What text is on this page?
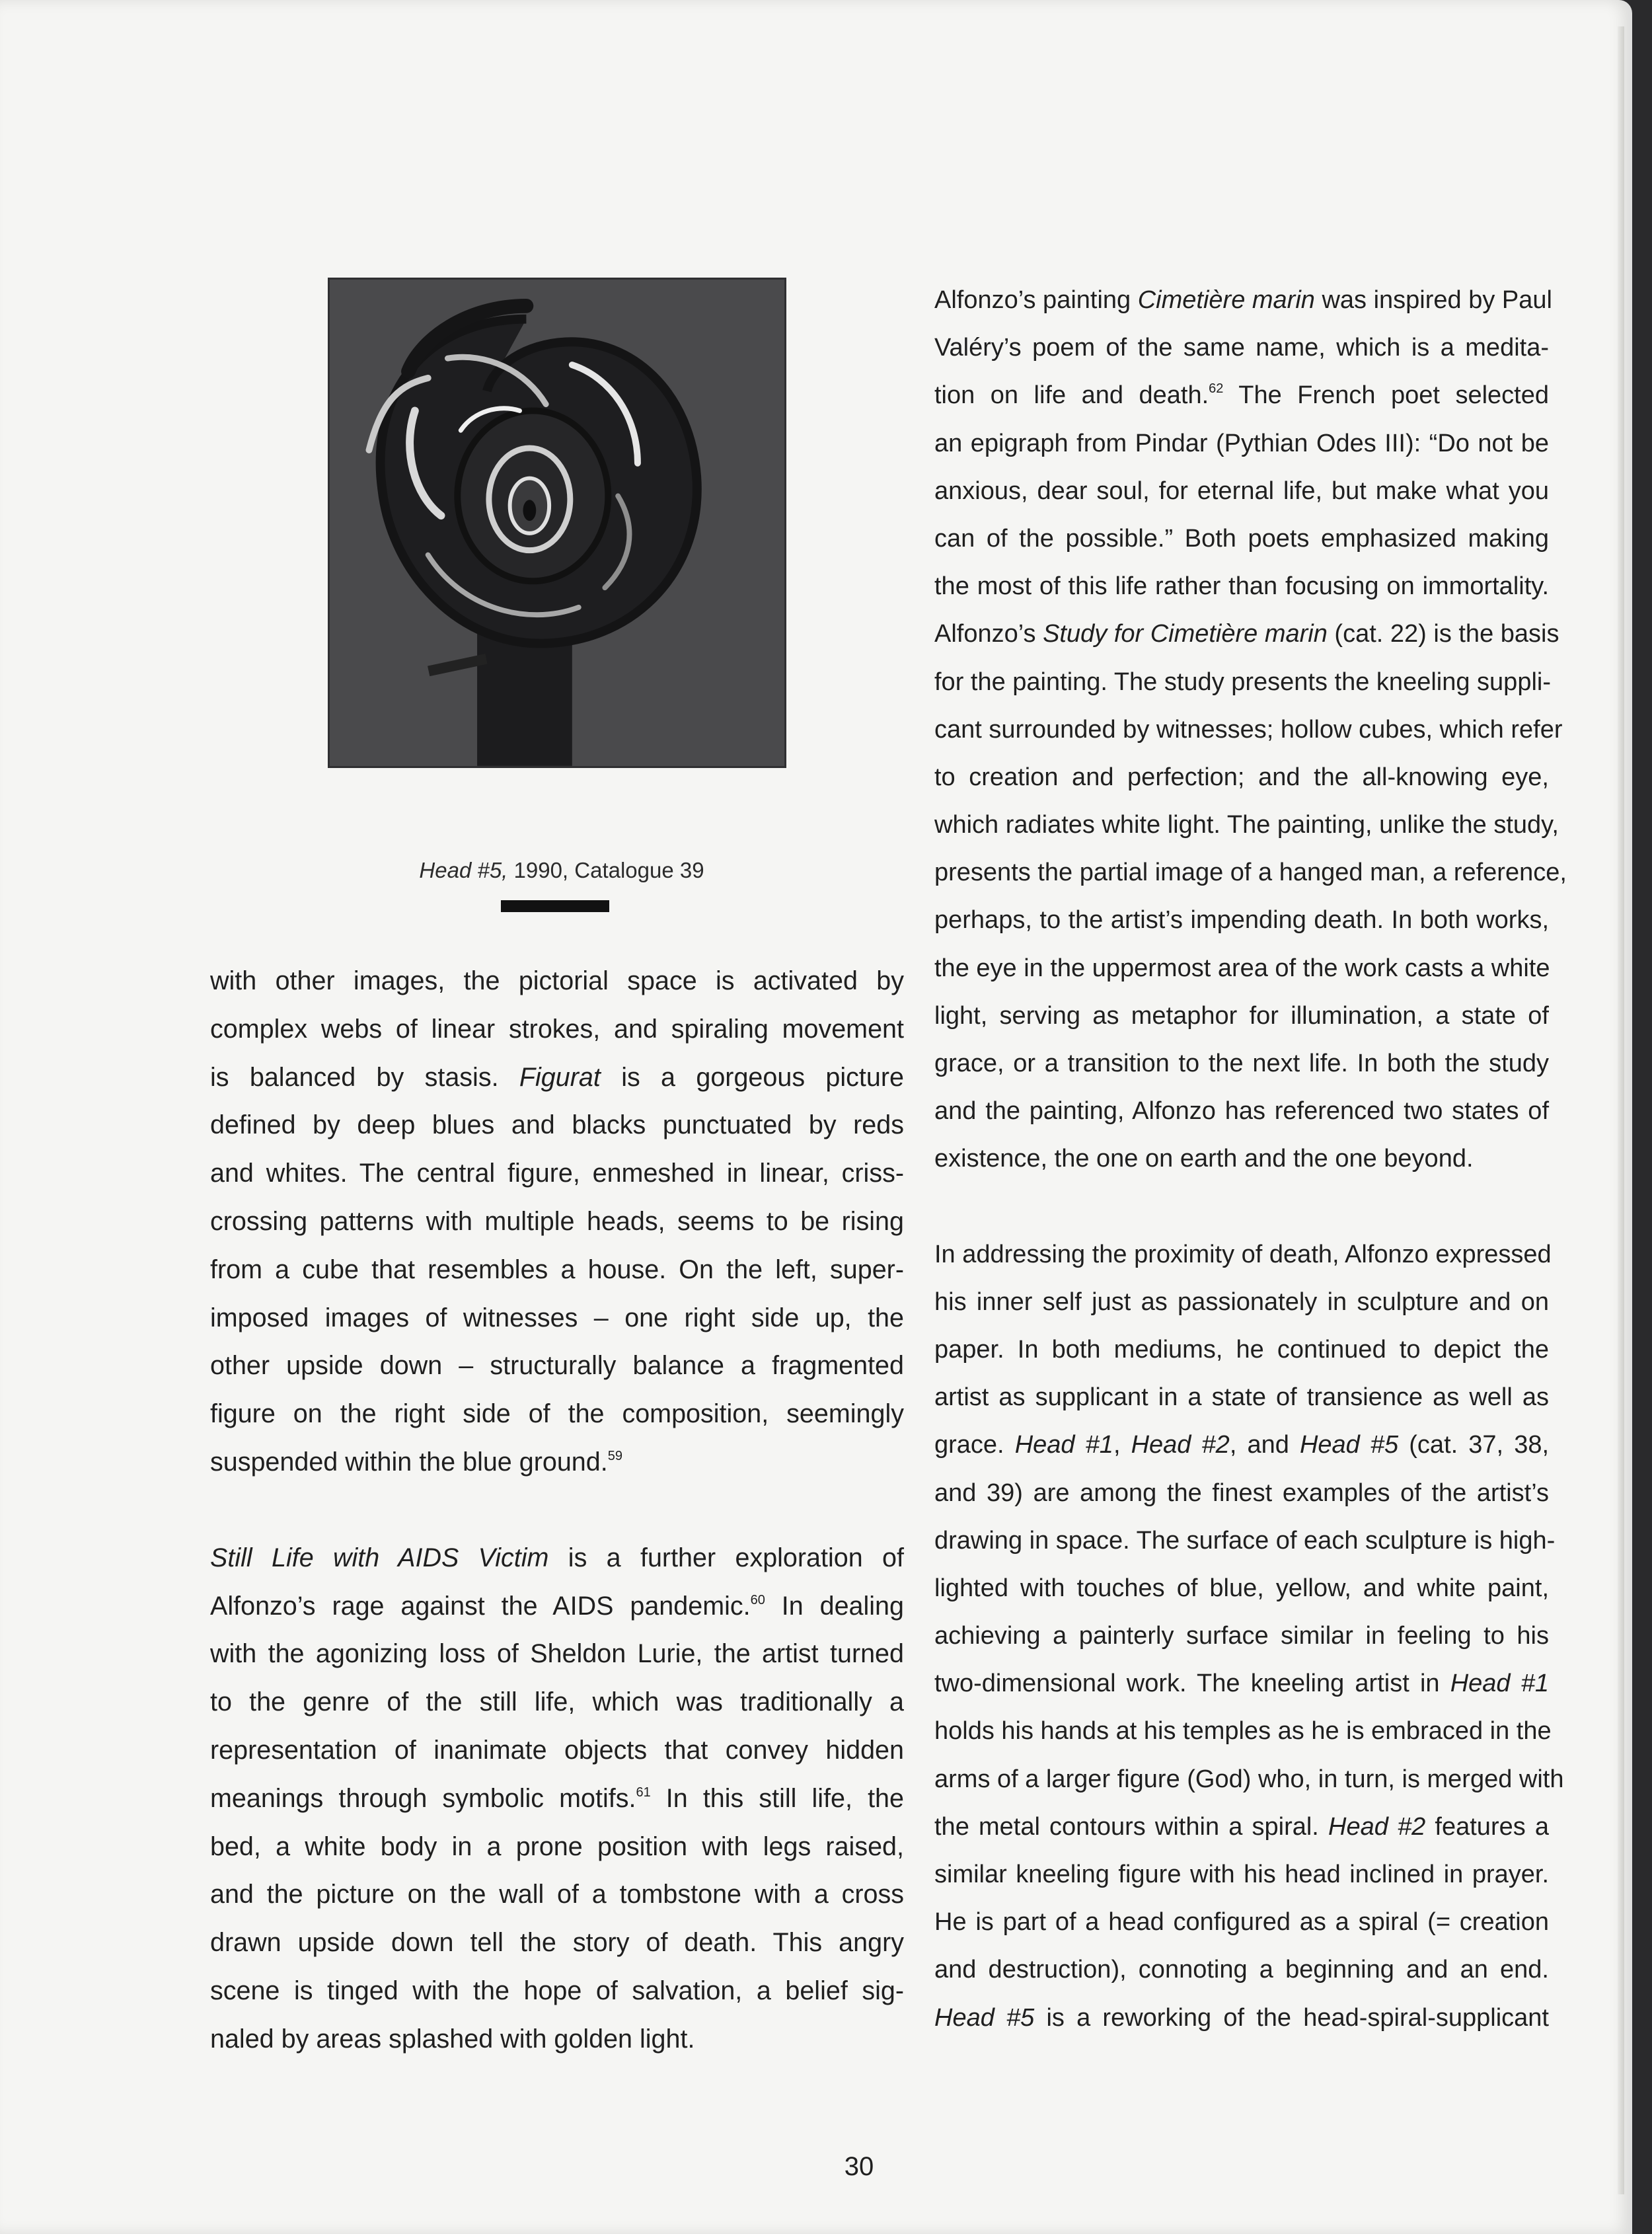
Head #5, 1990, Catalogue 39
with other images, the pictorial space is activated by
complex webs of linear strokes, and spiraling movement
is balanced by stasis. Figurat is a gorgeous picture
defined by deep blues and blacks punctuated by reds
and whites. The central figure, enmeshed in linear, criss-
crossing patterns with multiple heads, seems to be rising
from a cube that resembles a house. On the left, super-
imposed images of witnesses – one right side up, the
other upside down – structurally balance a fragmented
figure on the right side of the composition, seemingly
suspended within the blue ground.$^{59}$
Still Life with AIDS Victim is a further exploration of
Alfonzo’s rage against the AIDS pandemic.$^{60}$ In dealing
with the agonizing loss of Sheldon Lurie, the artist turned
to the genre of the still life, which was traditionally a
representation of inanimate objects that convey hidden
meanings through symbolic motifs.$^{61}$ In this still life, the
bed, a white body in a prone position with legs raised,
and the picture on the wall of a tombstone with a cross
drawn upside down tell the story of death. This angry
scene is tinged with the hope of salvation, a belief sig-
naled by areas splashed with golden light.
Alfonzo’s painting Cimetière marin was inspired by Paul
Valéry’s poem of the same name, which is a medita-
tion on life and death.$^{62}$ The French poet selected
an epigraph from Pindar (Pythian Odes III): “Do not be
anxious, dear soul, for eternal life, but make what you
can of the possible.” Both poets emphasized making
the most of this life rather than focusing on immortality.
Alfonzo’s Study for Cimetière marin (cat. 22) is the basis
for the painting. The study presents the kneeling suppli-
cant surrounded by witnesses; hollow cubes, which refer
to creation and perfection; and the all-knowing eye,
which radiates white light. The painting, unlike the study,
presents the partial image of a hanged man, a reference,
perhaps, to the artist’s impending death. In both works,
the eye in the uppermost area of the work casts a white
light, serving as metaphor for illumination, a state of
grace, or a transition to the next life. In both the study
and the painting, Alfonzo has referenced two states of
existence, the one on earth and the one beyond.
In addressing the proximity of death, Alfonzo expressed
his inner self just as passionately in sculpture and on
paper. In both mediums, he continued to depict the
artist as supplicant in a state of transience as well as
grace. Head #1, Head #2, and Head #5 (cat. 37, 38,
and 39) are among the finest examples of the artist’s
drawing in space. The surface of each sculpture is high-
lighted with touches of blue, yellow, and white paint,
achieving a painterly surface similar in feeling to his
two-dimensional work. The kneeling artist in Head #1
holds his hands at his temples as he is embraced in the
arms of a larger figure (God) who, in turn, is merged with
the metal contours within a spiral. Head #2 features a
similar kneeling figure with his head inclined in prayer.
He is part of a head configured as a spiral (= creation
and destruction), connoting a beginning and an end.
Head #5 is a reworking of the head-spiral-supplicant
30
